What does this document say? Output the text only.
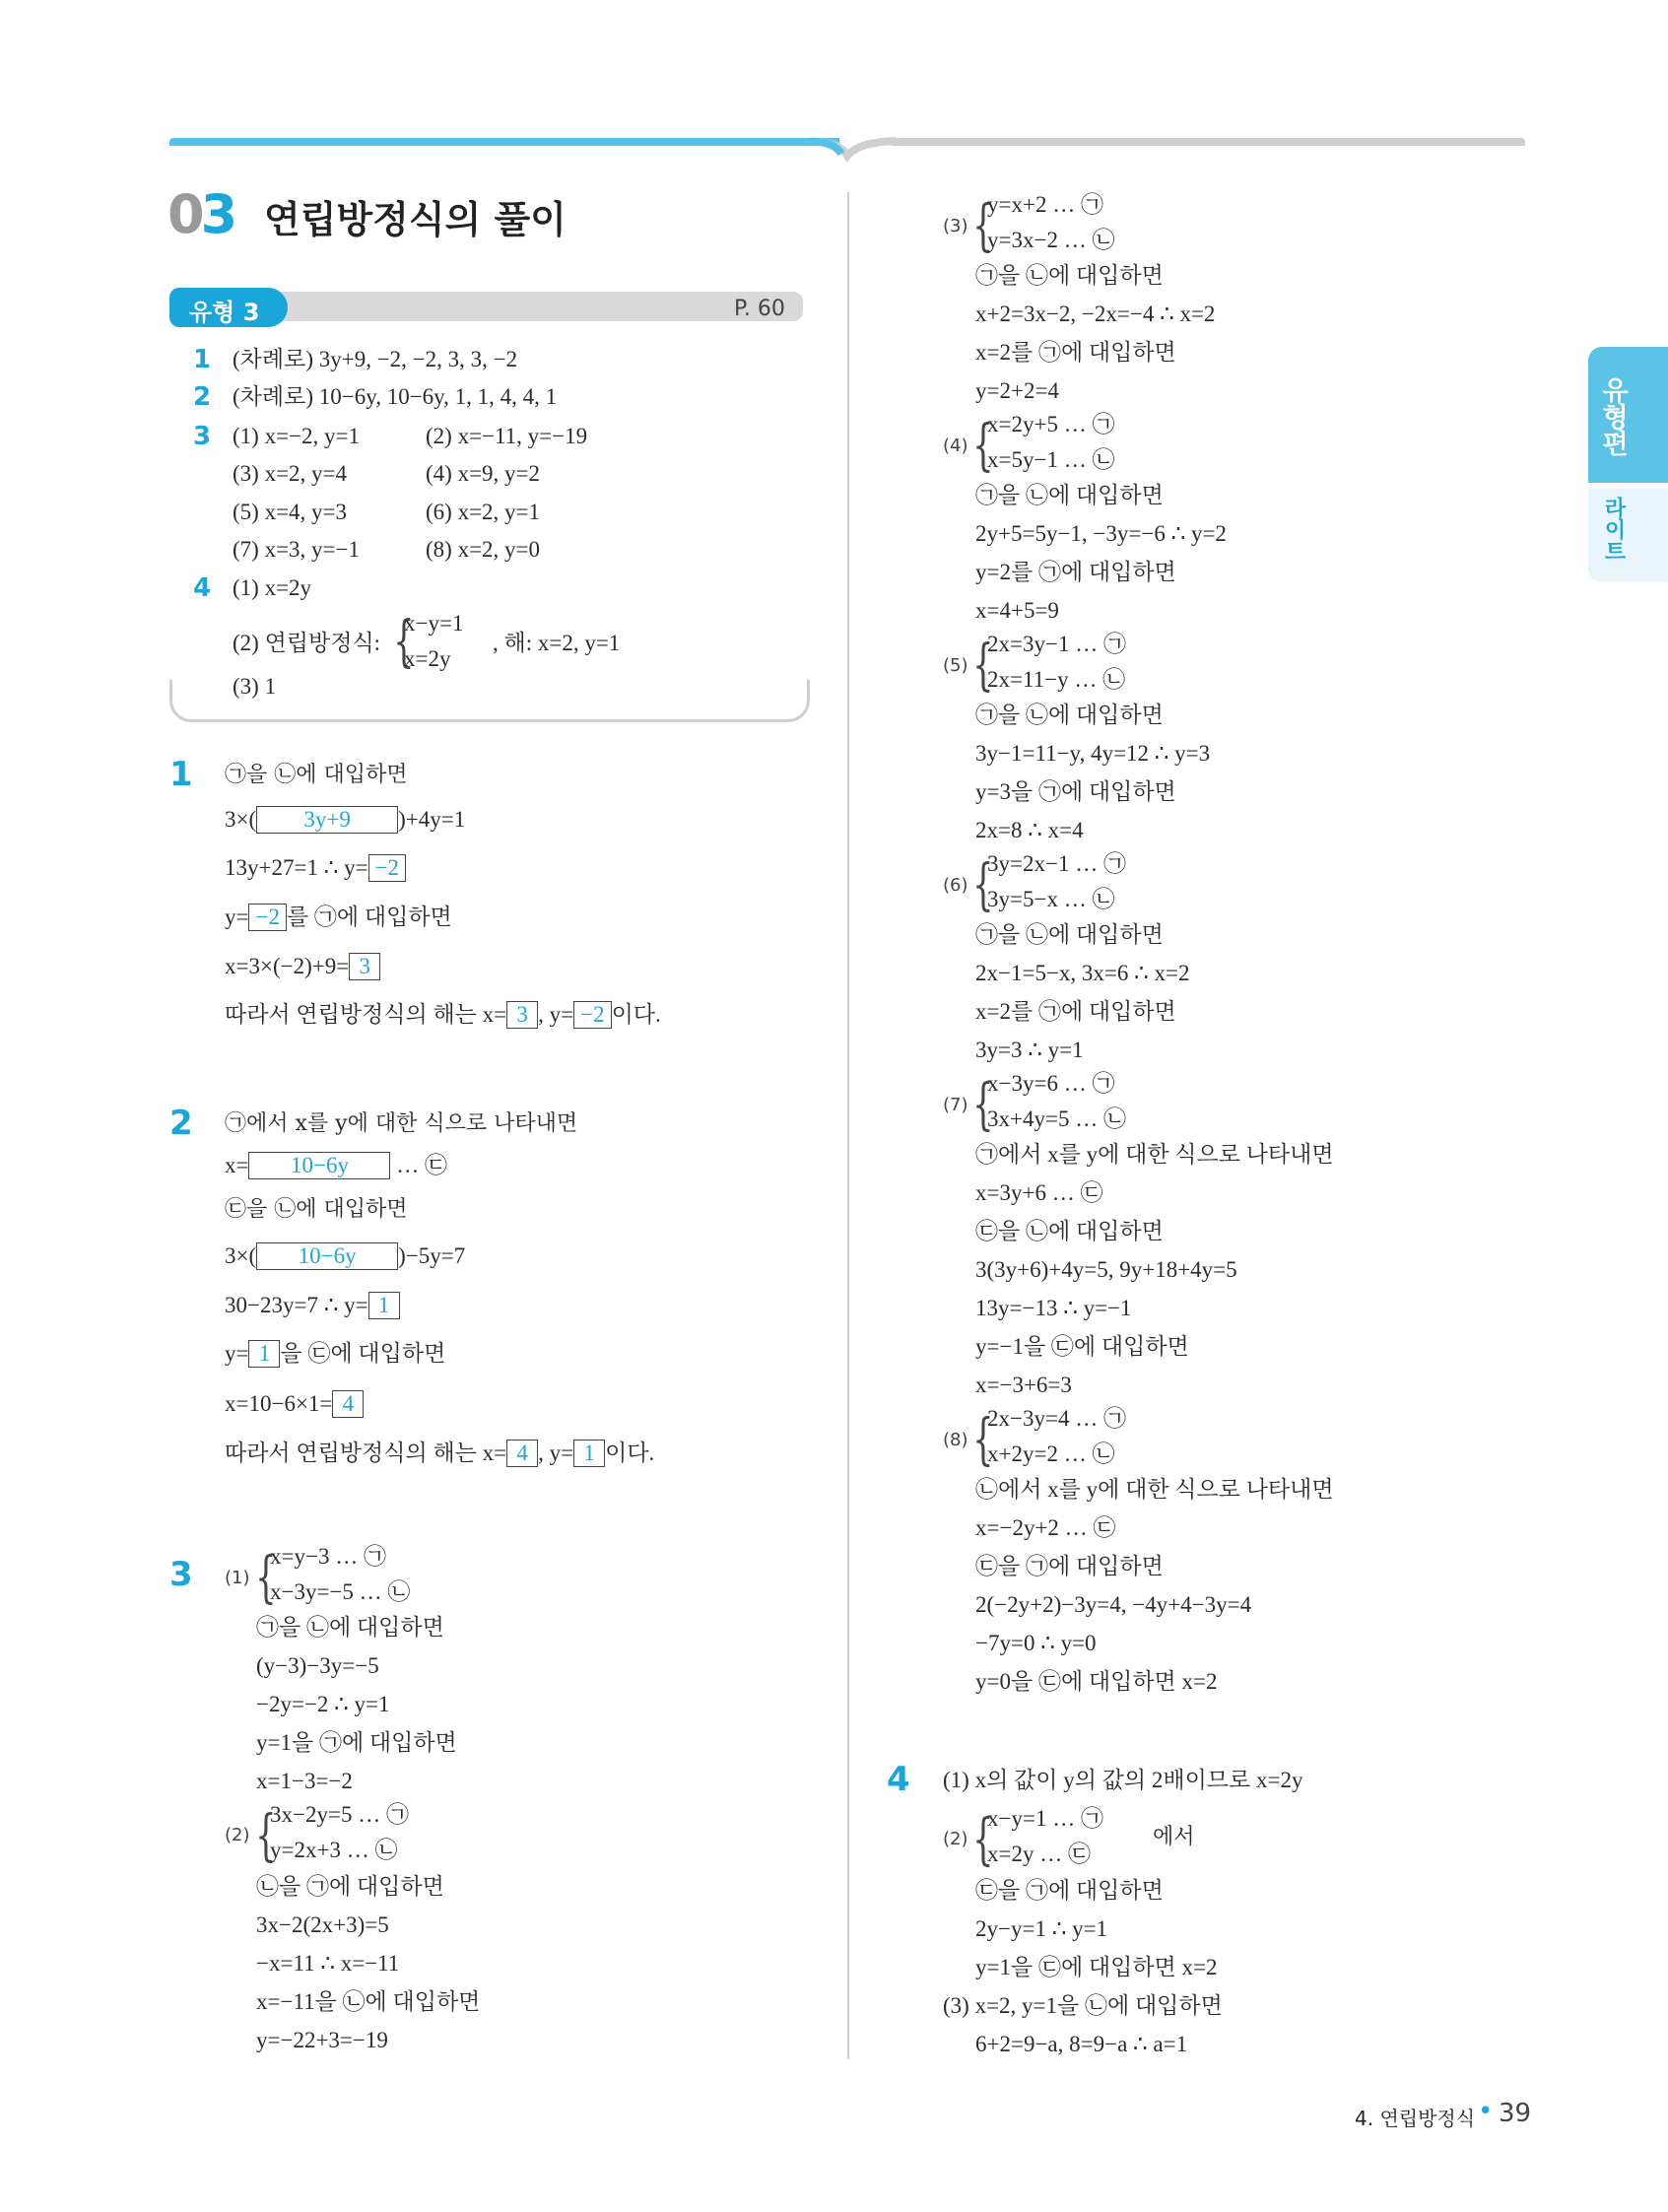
03 연립방정식의 풀이
유형 3	P. 60
1 (차례로) 3y+9, −2, −2, 3, 3, −2
2 (차례로) 10−6y, 10−6y, 1, 1, 4, 4, 1
3 (1) x=−2, y=1	(2) x=−11, y=−19
(3) x=2, y=4	(4) x=9, y=2
(5) x=4, y=3	(6) x=2, y=1
(7) x=3, y=−1	(8) x=2, y=0
4 (1) x=2y
(2) 연립방정식: {
x−y=1
x=2y
, 해: x=2, y=1
(3) 1
1 ㉠을 ㉡에 대입하면
3×( 3y+9 )+4y=1
13y+27=1 ∴ y= −2
y= −2 를 ㉠에 대입하면
x=3×(−2)+9= 3
따라서 연립방정식의 해는 x= 3 , y= −2 이다.
2 ㉠에서 x를 y에 대한 식으로 나타내면
x= 10−6y … ㉢
㉢을 ㉡에 대입하면
3×( 10−6y )−5y=7
30−23y=7 ∴ y= 1
y= 1 을 ㉢에 대입하면
x=10−6×1= 4
따라서 연립방정식의 해는 x= 4 , y= 1 이다.
3 (1) {
x=y−3 … ㉠
x−3y=−5 … ㉡
㉠을 ㉡에 대입하면
(y−3)−3y=−5
−2y=−2 ∴ y=1
y=1을 ㉠에 대입하면
x=1−3=−2
(2) {
3x−2y=5 … ㉠
y=2x+3 … ㉡
㉡을 ㉠에 대입하면
3x−2(2x+3)=5
−x=11 ∴ x=−11
x=−11을 ㉡에 대입하면
y=−22+3=−19
(3) {
y=x+2 … ㉠
y=3x−2 … ㉡
㉠을 ㉡에 대입하면
x+2=3x−2, −2x=−4 ∴ x=2
x=2를 ㉠에 대입하면
y=2+2=4
(4) {
x=2y+5 … ㉠
x=5y−1 … ㉡
㉠을 ㉡에 대입하면
2y+5=5y−1, −3y=−6 ∴ y=2
y=2를 ㉠에 대입하면
x=4+5=9
(5) {
2x=3y−1 … ㉠
2x=11−y … ㉡
㉠을 ㉡에 대입하면
3y−1=11−y, 4y=12 ∴ y=3
y=3을 ㉠에 대입하면
2x=8 ∴ x=4
(6) {
3y=2x−1 … ㉠
3y=5−x … ㉡
㉠을 ㉡에 대입하면
2x−1=5−x, 3x=6 ∴ x=2
x=2를 ㉠에 대입하면
3y=3 ∴ y=1
(7) {
x−3y=6 … ㉠
3x+4y=5 … ㉡
㉠에서 x를 y에 대한 식으로 나타내면
x=3y+6 … ㉢
㉢을 ㉡에 대입하면
3(3y+6)+4y=5, 9y+18+4y=5
13y=−13 ∴ y=−1
y=−1을 ㉢에 대입하면
x=−3+6=3
(8) {
2x−3y=4 … ㉠
x+2y=2 … ㉡
㉡에서 x를 y에 대한 식으로 나타내면
x=−2y+2 … ㉢
㉢을 ㉠에 대입하면
2(−2y+2)−3y=4, −4y+4−3y=4
−7y=0 ∴ y=0
y=0을 ㉢에 대입하면 x=2
4 (1) x의 값이 y의 값의 2배이므로 x=2y
(2) {
x−y=1 … ㉠
x=2y … ㉢
에서
㉢을 ㉠에 대입하면
2y−y=1 ∴ y=1
y=1을 ㉢에 대입하면 x=2
(3) x=2, y=1을 ㉡에 대입하면
6+2=9−a, 8=9−a ∴ a=1
유형편
라이트
4. 연립방정식 • 39
